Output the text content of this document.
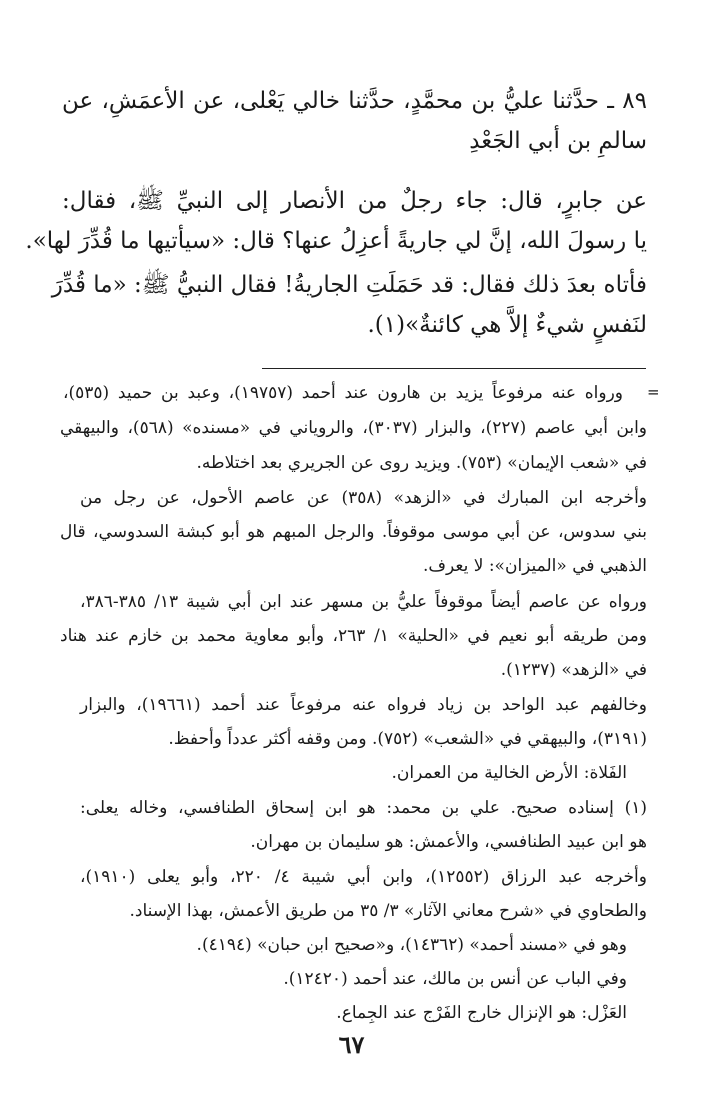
٨٩ ـ حدَّثنا عليُّ بن محمَّدٍ، حدَّثنا خالي يَعْلى، عن الأعمَشِ، عن
سالمِ بن أبي الجَعْدِ
عن جابرٍ، قال: جاء رجلٌ من الأنصار إلى النبيِّ ﷺ، فقال:
يا رسولَ الله، إنَّ لي جاريةً أعزِلُ عنها؟ قال: «سيأتيها ما قُدِّرَ لها».
فأتاه بعدَ ذلك فقال: قد حَمَلَتِ الجاريةُ! فقال النبيُّ ﷺ: «ما قُدِّرَ
لنَفسٍ شيءٌ إلاَّ هي كائنةٌ»(١).
=
ورواه عنه مرفوعاً يزيد بن هارون عند أحمد (١٩٧٥٧)، وعبد بن حميد (٥٣٥)،
وابن أبي عاصم (٢٢٧)، والبزار (٣٠٣٧)، والروياني في «مسنده» (٥٦٨)، والبيهقي
في «شعب الإيمان» (٧٥٣). ويزيد روى عن الجريري بعد اختلاطه.
وأخرجه ابن المبارك في «الزهد» (٣٥٨) عن عاصم الأحول، عن رجل من
بني سدوس، عن أبي موسى موقوفاً. والرجل المبهم هو أبو كبشة السدوسي، قال
الذهبي في «الميزان»: لا يعرف.
ورواه عن عاصم أيضاً موقوفاً عليُّ بن مسهر عند ابن أبي شيبة ١٣/ ٣٨٥-٣٨٦،
ومن طريقه أبو نعيم في «الحلية» ١/ ٢٦٣، وأبو معاوية محمد بن خازم عند هناد
في «الزهد» (١٢٣٧).
وخالفهم عبد الواحد بن زياد فرواه عنه مرفوعاً عند أحمد (١٩٦٦١)، والبزار
(٣١٩١)، والبيهقي في «الشعب» (٧٥٢). ومن وقفه أكثر عدداً وأحفظ.
الفَلاة: الأرض الخالية من العمران.
(١) إسناده صحيح. علي بن محمد: هو ابن إسحاق الطنافسي، وخاله يعلى:
هو ابن عبيد الطنافسي، والأعمش: هو سليمان بن مهران.
وأخرجه عبد الرزاق (١٢٥٥٢)، وابن أبي شيبة ٤/ ٢٢٠، وأبو يعلى (١٩١٠)،
والطحاوي في «شرح معاني الآثار» ٣/ ٣٥ من طريق الأعمش، بهذا الإسناد.
وهو في «مسند أحمد» (١٤٣٦٢)، و«صحيح ابن حبان» (٤١٩٤).
وفي الباب عن أنس بن مالك، عند أحمد (١٢٤٢٠).
العَزْل: هو الإنزال خارج الفَرْج عند الجِماع.
٦٧
